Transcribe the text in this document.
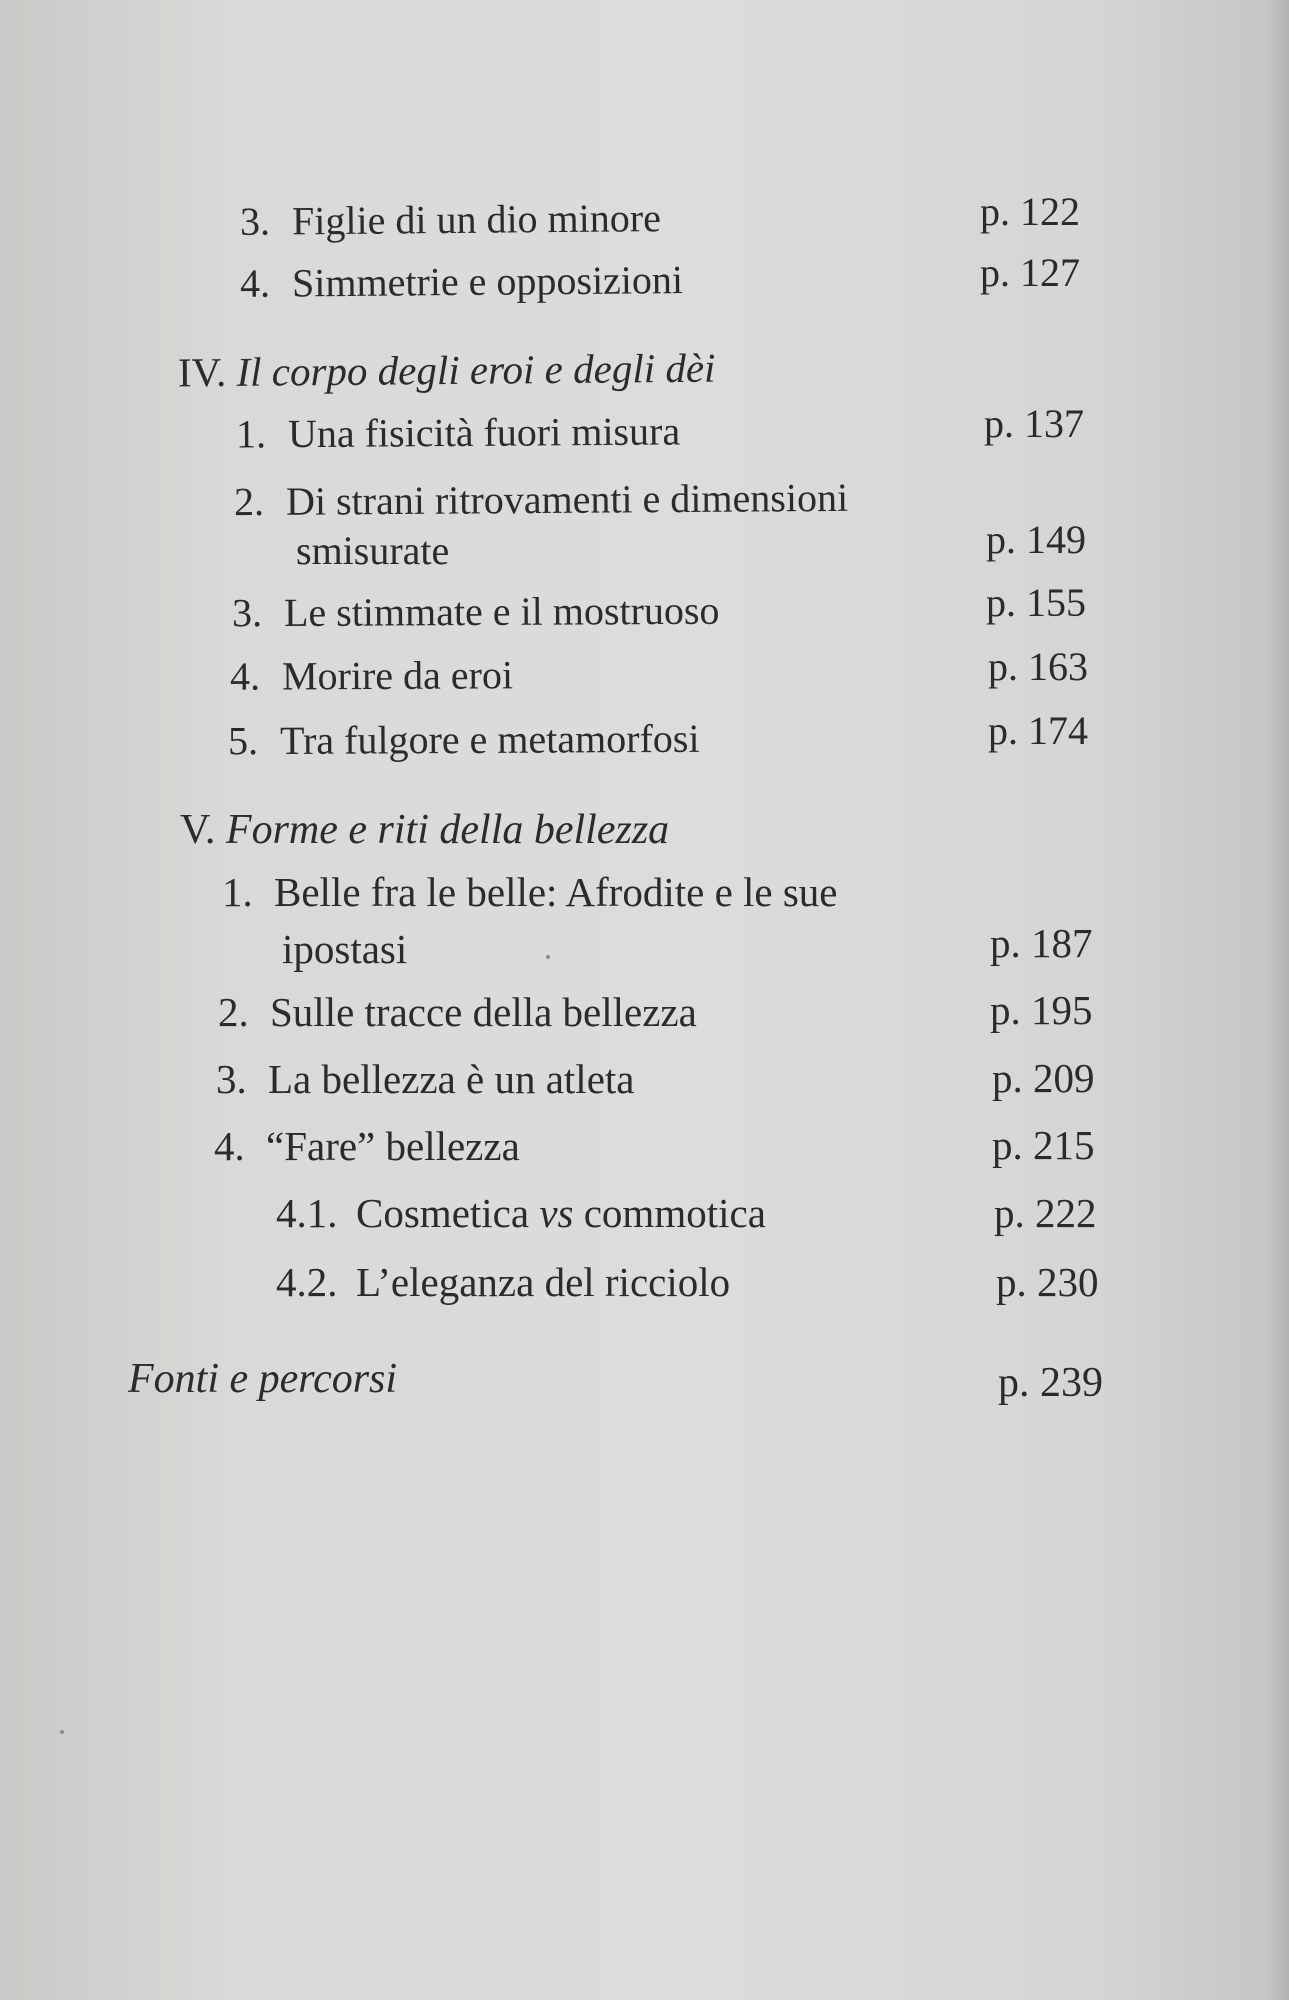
3. Figlie di un dio minore	p. 122
4. Simmetrie e opposizioni	p. 127
IV. Il corpo degli eroi e degli dèi
1. Una fisicità fuori misura	p. 137
2. Di strani ritrovamenti e dimensioni
smisurate	p. 149
3. Le stimmate e il mostruoso	p. 155
4. Morire da eroi	p. 163
5. Tra fulgore e metamorfosi	p. 174
V. Forme e riti della bellezza
1. Belle fra le belle: Afrodite e le sue
ipostasi	p. 187
2. Sulle tracce della bellezza	p. 195
3. La bellezza è un atleta	p. 209
4. “Fare” bellezza	p. 215
4.1. Cosmetica vs commotica	p. 222
4.2. L’eleganza del ricciolo	p. 230
Fonti e percorsi	p. 239
